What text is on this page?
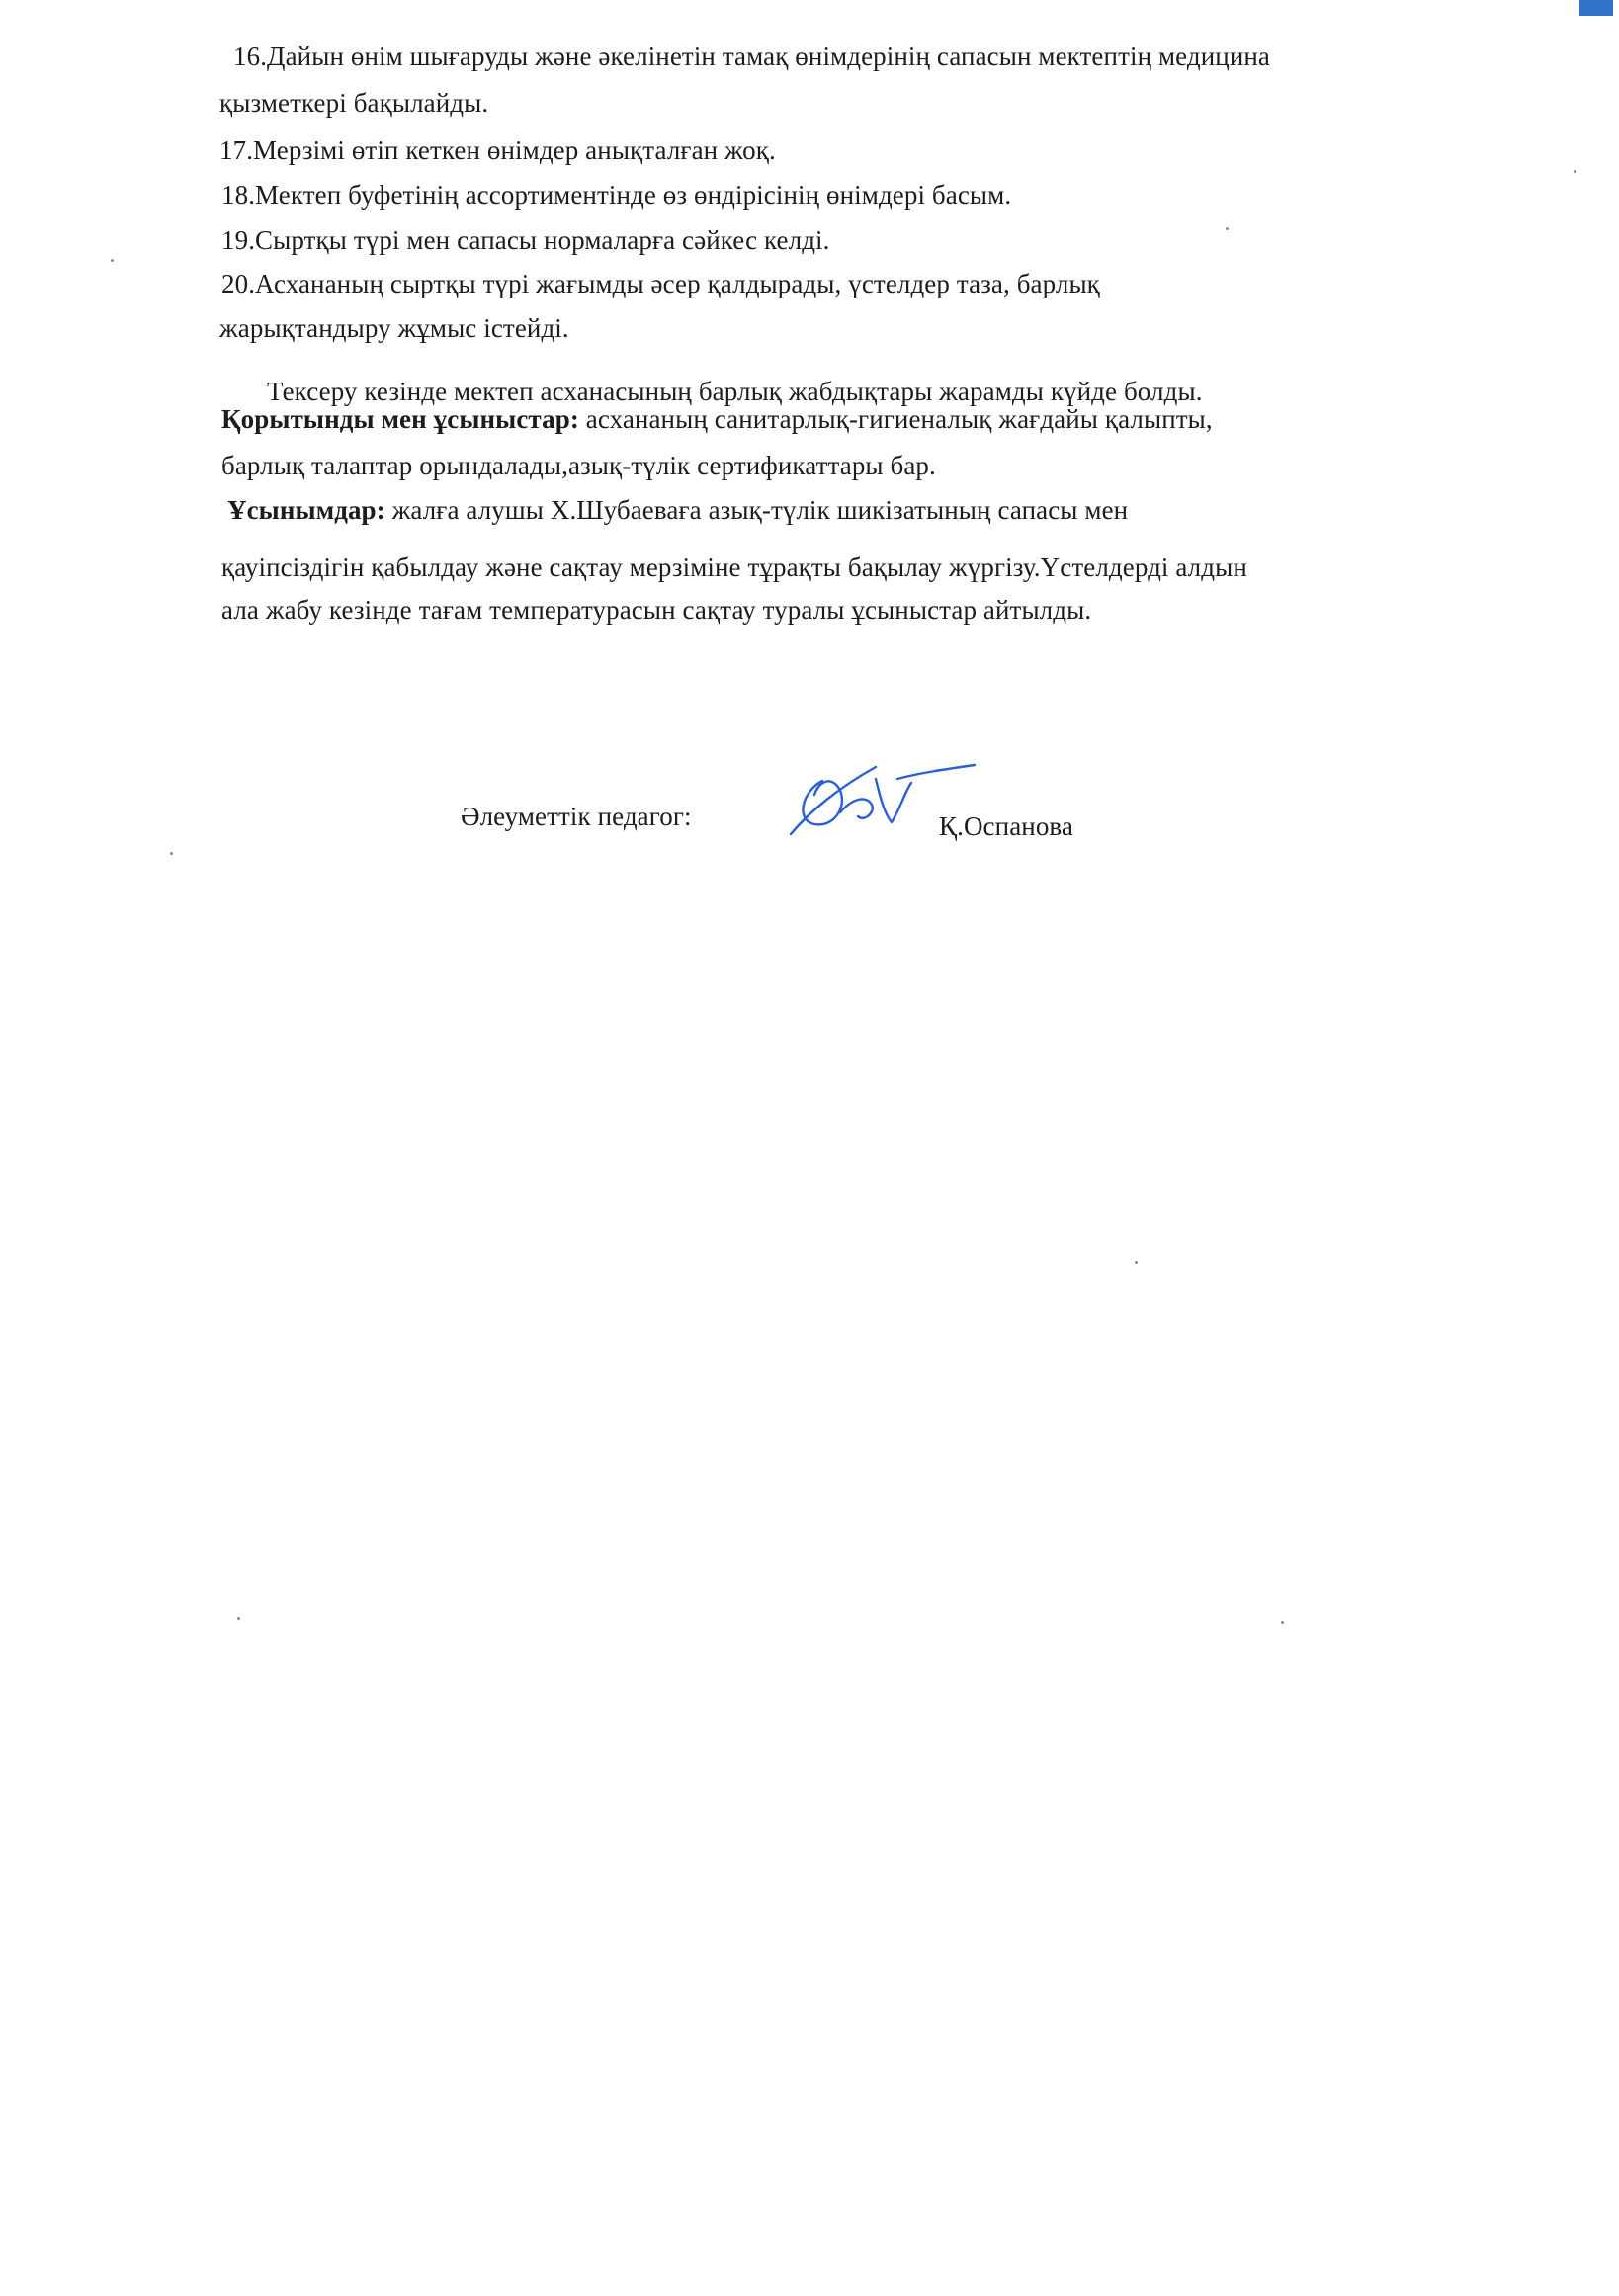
16.Дайын өнім шығаруды және әкелінетін тамақ өнімдерінің сапасын мектептің медицина
қызметкері бақылайды.
17.Мерзімі өтіп кеткен өнімдер анықталған жоқ.
18.Мектеп буфетінің ассортиментінде өз өндірісінің өнімдері басым.
19.Сыртқы түрі мен сапасы нормаларға сәйкес келді.
20.Асхананың сыртқы түрі жағымды әсер қалдырады, үстелдер таза, барлық
жарықтандыру жұмыс істейді.
Тексеру кезінде мектеп асханасының барлық жабдықтары жарамды күйде болды.
Қорытынды мен ұсыныстар: асхананың санитарлық-гигиеналық жағдайы қалыпты,
барлық талаптар орындалады,азық-түлік сертификаттары бар.
Ұсынымдар: жалға алушы Х.Шубаеваға азық-түлік шикізатының сапасы мен
қауіпсіздігін қабылдау және сақтау мерзіміне тұрақты бақылау жүргізу.Үстелдерді алдын
ала жабу кезінде тағам температурасын сақтау туралы ұсыныстар айтылды.
Әлеуметтік педагог:	Қ.Оспанова
